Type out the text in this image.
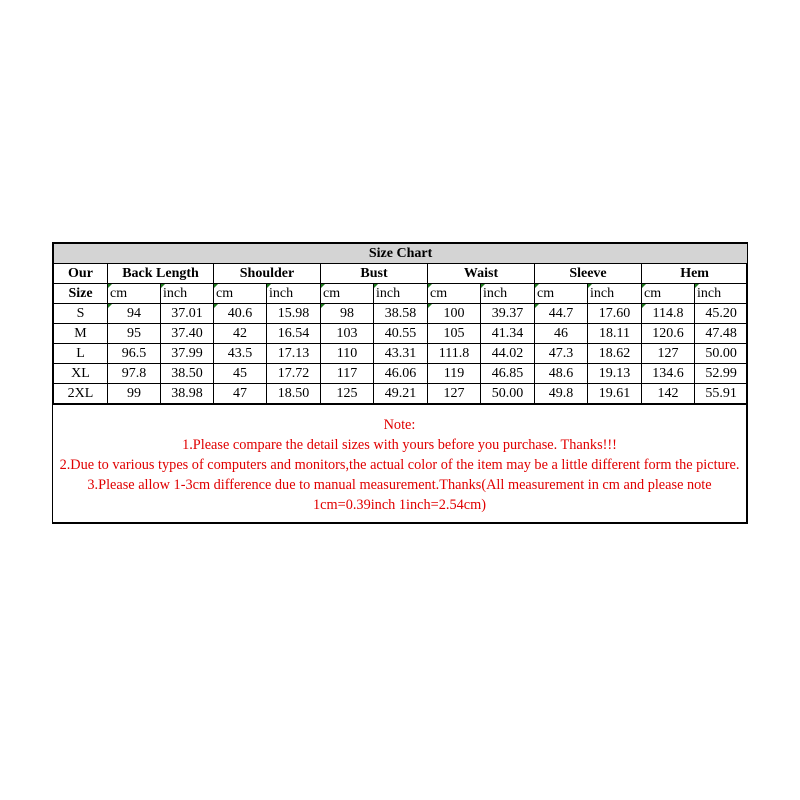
Size Chart												
Our	Back Length		Shoulder		Bust		Waist		Sleeve		Hem	
Size	cm	inch	cm	inch	cm	inch	cm	inch	cm	inch	cm	inch
S	94	37.01	40.6	15.98	98	38.58	100	39.37	44.7	17.60	114.8	45.20
M	95	37.40	42	16.54	103	40.55	105	41.34	46	18.11	120.6	47.48
L	96.5	37.99	43.5	17.13	110	43.31	111.8	44.02	47.3	18.62	127	50.00
XL	97.8	38.50	45	17.72	117	46.06	119	46.85	48.6	19.13	134.6	52.99
2XL	99	38.98	47	18.50	125	49.21	127	50.00	49.8	19.61	142	55.91

Note:

1.Please compare the detail sizes with yours before you purchase. Thanks!!!

2.Due to various types of computers and monitors,the actual color of the item may be a little different form the picture.

3.Please allow 1-3cm difference due to manual measurement.Thanks(All measurement in cm and please note 1cm=0.39inch 1inch=2.54cm)
